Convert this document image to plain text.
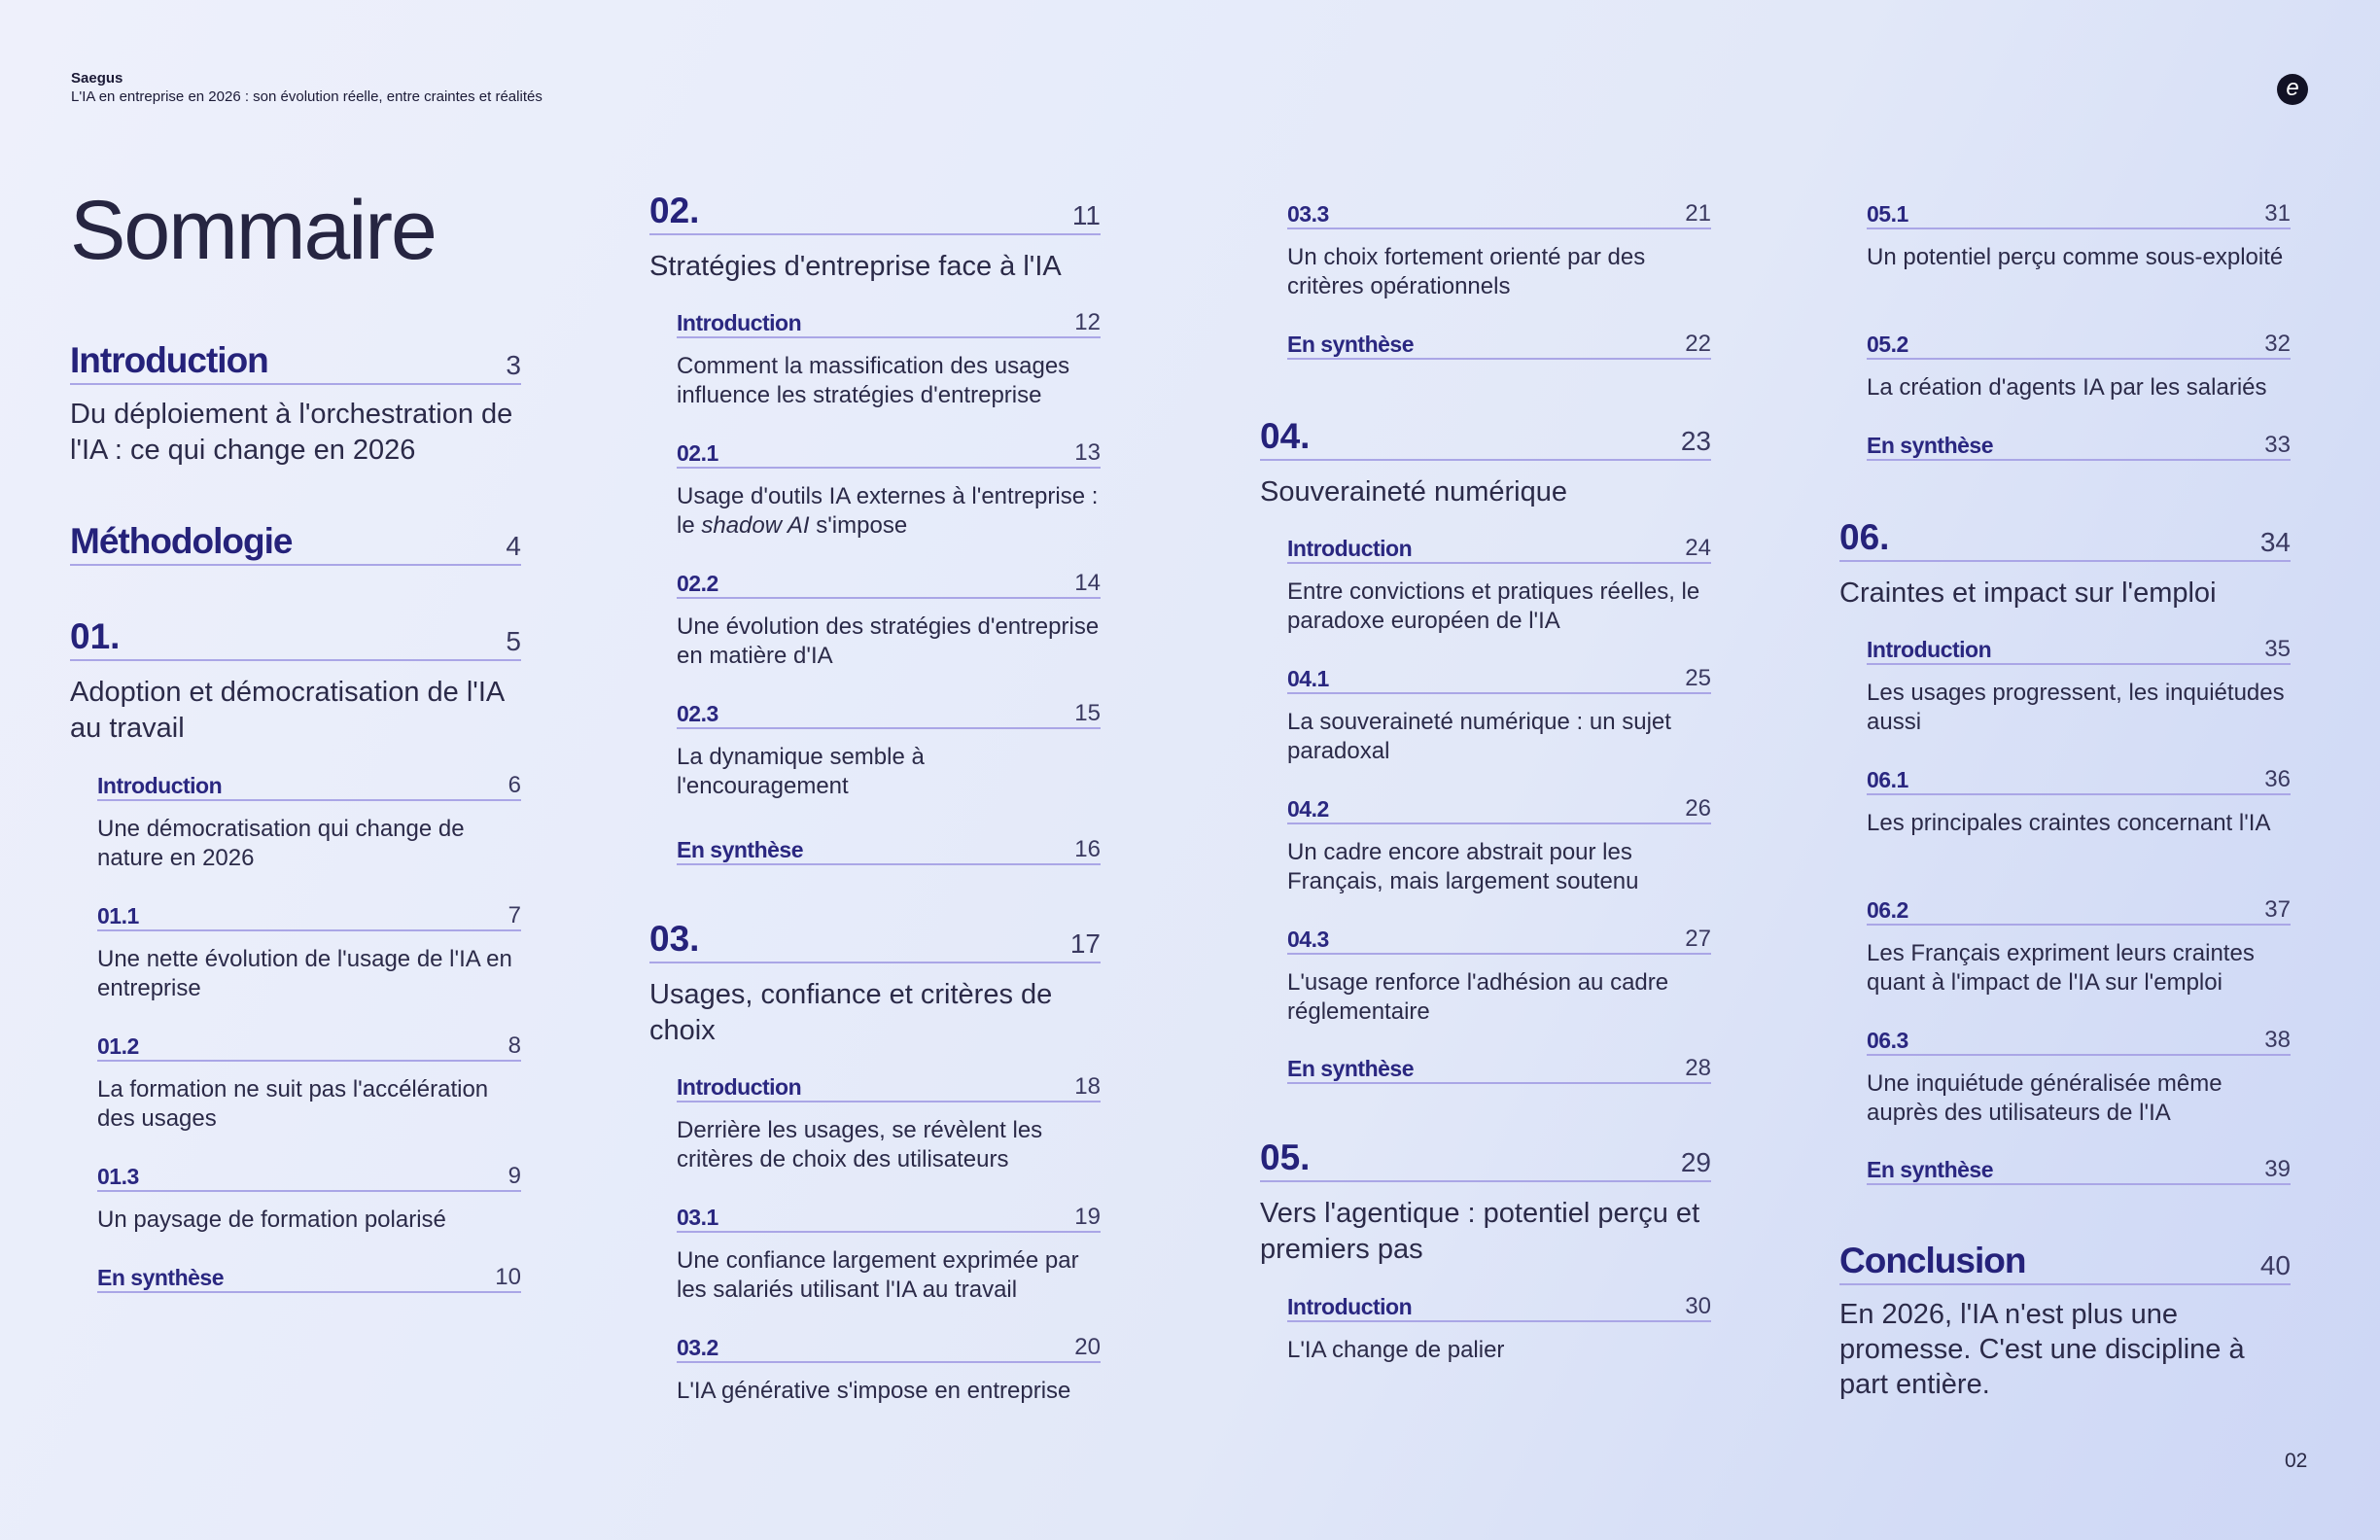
Saegus
L'IA en entreprise en 2026 : son évolution réelle, entre craintes et réalités	e
Sommaire
Introduction	3
Du déploiement à l'orchestration de l'IA : ce qui change en 2026
Méthodologie	4
01.	5
Adoption et démocratisation de l'IA au travail
Introduction	6
Une démocratisation qui change de nature en 2026
01.1	7
Une nette évolution de l'usage de l'IA en entreprise
01.2	8
La formation ne suit pas l'accélération des usages
01.3	9
Un paysage de formation polarisé
En synthèse	10
02.	11
Stratégies d'entreprise face à l'IA
Introduction	12
Comment la massification des usages influence les stratégies d'entreprise
02.1	13
Usage d'outils IA externes à l'entreprise : le shadow AI s'impose
02.2	14
Une évolution des stratégies d'entreprise en matière d'IA
02.3	15
La dynamique semble à l'encouragement
En synthèse	16
03.	17
Usages, confiance et critères de choix
Introduction	18
Derrière les usages, se révèlent les critères de choix des utilisateurs
03.1	19
Une confiance largement exprimée par les salariés utilisant l'IA au travail
03.2	20
L'IA générative s'impose en entreprise
03.3	21
Un choix fortement orienté par des critères opérationnels
En synthèse	22
04.	23
Souveraineté numérique
Introduction	24
Entre convictions et pratiques réelles, le paradoxe européen de l'IA
04.1	25
La souveraineté numérique : un sujet paradoxal
04.2	26
Un cadre encore abstrait pour les Français, mais largement soutenu
04.3	27
L'usage renforce l'adhésion au cadre réglementaire
En synthèse	28
05.	29
Vers l'agentique : potentiel perçu et premiers pas
Introduction	30
L'IA change de palier
05.1	31
Un potentiel perçu comme sous-exploité
05.2	32
La création d'agents IA par les salariés
En synthèse	33
06.	34
Craintes et impact sur l'emploi
Introduction	35
Les usages progressent, les inquiétudes aussi
06.1	36
Les principales craintes concernant l'IA
06.2	37
Les Français expriment leurs craintes quant à l'impact de l'IA sur l'emploi
06.3	38
Une inquiétude généralisée même auprès des utilisateurs de l'IA
En synthèse	39
Conclusion	40
En 2026, l'IA n'est plus une promesse. C'est une discipline à part entière.
02
